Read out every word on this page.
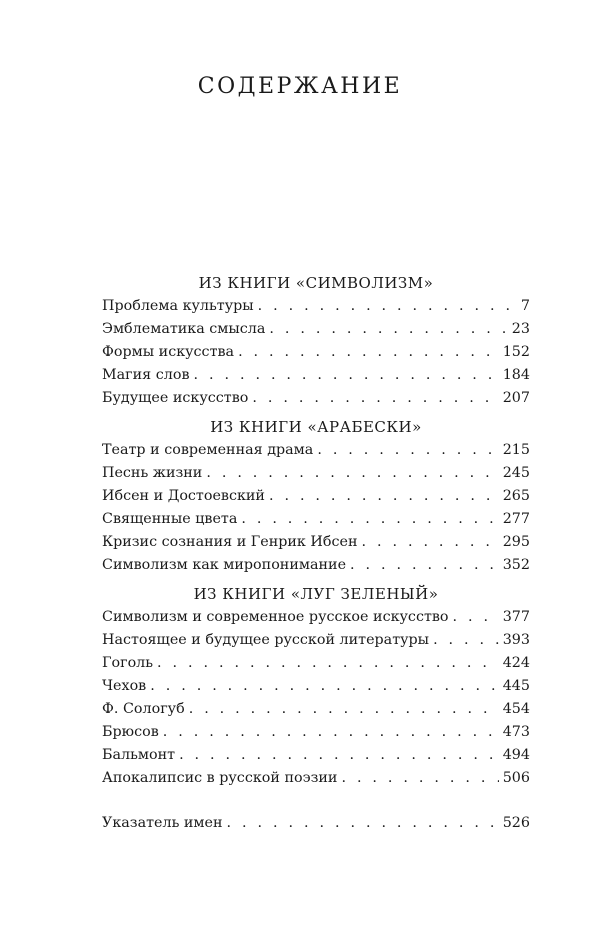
СОДЕРЖАНИЕ
ИЗ КНИГИ «СИМВОЛИЗМ»
Проблема культуры . . .	7
Эмблематика смысла . . .	23
Формы искусства . . .	152
Магия слов . . .	184
Будущее искусство . . .	207
ИЗ КНИГИ «АРАБЕСКИ»
Театр и современная драма . . .	215
Песнь жизни . . .	245
Ибсен и Достоевский . . .	265
Священные цвета . . .	277
Кризис сознания и Генрик Ибсен . . .	295
Символизм как миропонимание . . .	352
ИЗ КНИГИ «ЛУГ ЗЕЛЕНЫЙ»
Символизм и современное русское искусство . . .	377
Настоящее и будущее русской литературы . . .	393
Гоголь . . .	424
Чехов . . .	445
Ф. Сологуб . . .	454
Брюсов . . .	473
Бальмонт . . .	494
Апокалипсис в русской поэзии . . .	506
Указатель имен . . .	526
